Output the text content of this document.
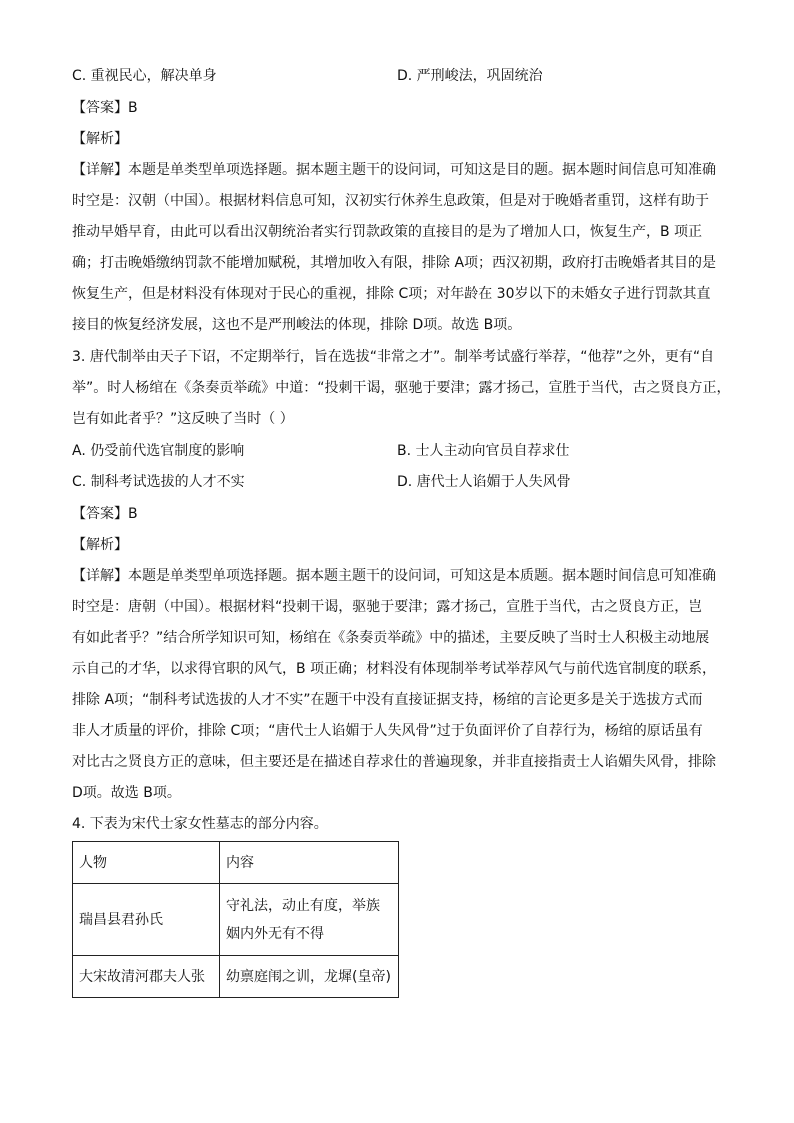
C. 重视民心，解决单身	D. 严刑峻法，巩固统治
【答案】B
【解析】
【详解】本题是单类型单项选择题。据本题主题干的设问词，可知这是目的题。据本题时间信息可知准确
时空是：汉朝（中国）。根据材料信息可知，汉初实行休养生息政策，但是对于晚婚者重罚，这样有助于
推动早婚早育，由此可以看出汉朝统治者实行罚款政策的直接目的是为了增加人口，恢复生产，B 项正
确；打击晚婚缴纳罚款不能增加赋税，其增加收入有限，排除 A项；西汉初期，政府打击晚婚者其目的是
恢复生产，但是材料没有体现对于民心的重视，排除 C项；对年龄在 30岁以下的未婚女子进行罚款其直
接目的恢复经济发展，这也不是严刑峻法的体现，排除 D项。故选 B项。
3. 唐代制举由天子下诏，不定期举行，旨在选拔“非常之才”。制举考试盛行举荐，“他荐”之外，更有“自
举”。时人杨绾在《条奏贡举疏》中道：“投刺干谒，驱驰于要津；露才扬己，宣胜于当代，古之贤良方正，
岂有如此者乎？”这反映了当时（ ）
A. 仍受前代选官制度的影响	B. 士人主动向官员自荐求仕
C. 制科考试选拔的人才不实	D. 唐代士人谄媚于人失风骨
【答案】B
【解析】
【详解】本题是单类型单项选择题。据本题主题干的设问词，可知这是本质题。据本题时间信息可知准确
时空是：唐朝（中国）。根据材料“投刺干谒，驱驰于要津；露才扬己，宣胜于当代，古之贤良方正，岂
有如此者乎？”结合所学知识可知，杨绾在《条奏贡举疏》中的描述，主要反映了当时士人积极主动地展
示自己的才华，以求得官职的风气，B 项正确；材料没有体现制举考试举荐风气与前代选官制度的联系，
排除 A项；“制科考试选拔的人才不实”在题干中没有直接证据支持，杨绾的言论更多是关于选拔方式而
非人才质量的评价，排除 C项；“唐代士人谄媚于人失风骨”过于负面评价了自荐行为，杨绾的原话虽有
对比古之贤良方正的意味，但主要还是在描述自荐求仕的普遍现象，并非直接指责士人谄媚失风骨，排除
D项。故选 B项。
4. 下表为宋代士家女性墓志的部分内容。
人物	内容
瑞昌县君孙氏	守礼法，动止有度，举族姻内外无有不得
大宋故清河郡夫人张	幼禀庭闱之训，龙墀(皇帝)
